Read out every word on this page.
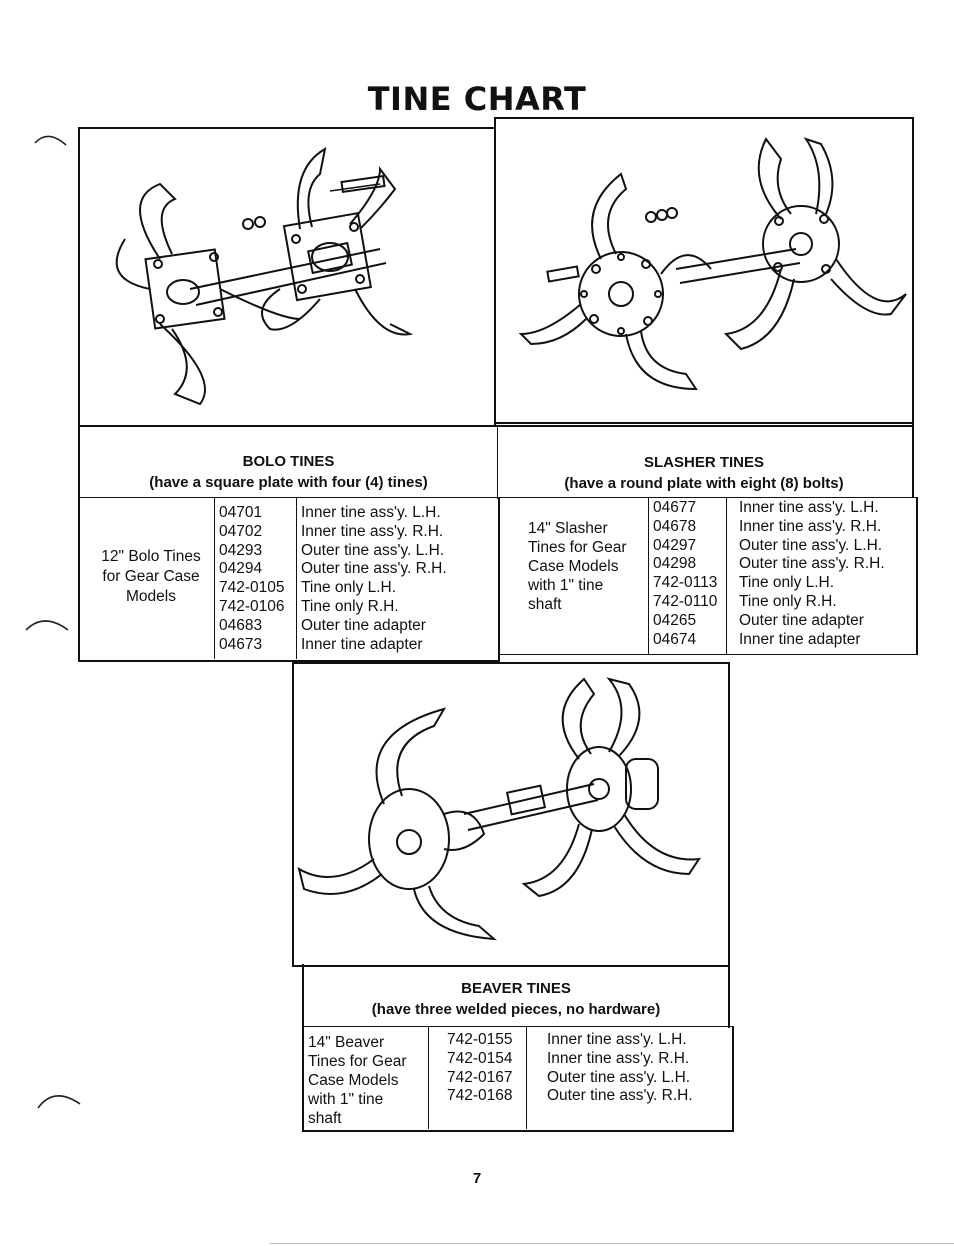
TINE CHART
BOLO TINES
(have a square plate with four (4) tines)
12" Bolo Tines
for Gear Case
Models
04701
04702
04293
04294
742-0105
742-0106
04683
04673
Inner tine ass'y. L.H.
Inner tine ass'y. R.H.
Outer tine ass'y. L.H.
Outer tine ass'y. R.H.
Tine only L.H.
Tine only R.H.
Outer tine adapter
Inner tine adapter
SLASHER TINES
(have a round plate with eight (8) bolts)
14" Slasher
Tines for Gear
Case Models
with 1" tine
shaft
04677
04678
04297
04298
742-0113
742-0110
04265
04674
Inner tine ass'y. L.H.
Inner tine ass'y. R.H.
Outer tine ass'y. L.H.
Outer tine ass'y. R.H.
Tine only L.H.
Tine only R.H.
Outer tine adapter
Inner tine adapter
BEAVER TINES
(have three welded pieces, no hardware)
14" Beaver
Tines for Gear
Case Models
with 1" tine
shaft
742-0155
742-0154
742-0167
742-0168
Inner tine ass'y. L.H.
Inner tine ass'y. R.H.
Outer tine ass'y. L.H.
Outer tine ass'y. R.H.
7
